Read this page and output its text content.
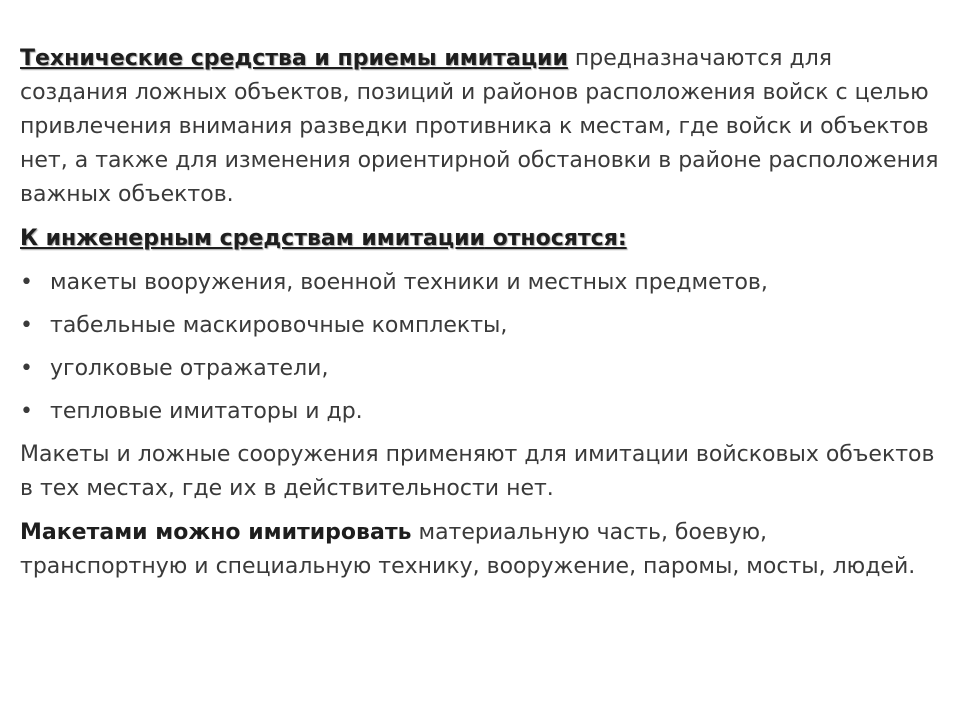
Технические средства и приемы имитации предназначаются для создания ложных объектов, позиций и районов расположения войск с целью привлечения внимания разведки противника к местам, где войск и объектов нет, а также для изменения ориентирной обстановки в районе расположения важных объектов.

К инженерным средствам имитации относятся:

• макеты вооружения, военной техники и местных предметов,
• табельные маскировочные комплекты,
• уголковые отражатели,
• тепловые имитаторы и др.

Макеты и ложные сооружения применяют для имитации войсковых объектов в тех местах, где их в действительности нет.

Макетами можно имитировать материальную часть, боевую, транспортную и специальную технику, вооружение, паромы, мосты, людей.
